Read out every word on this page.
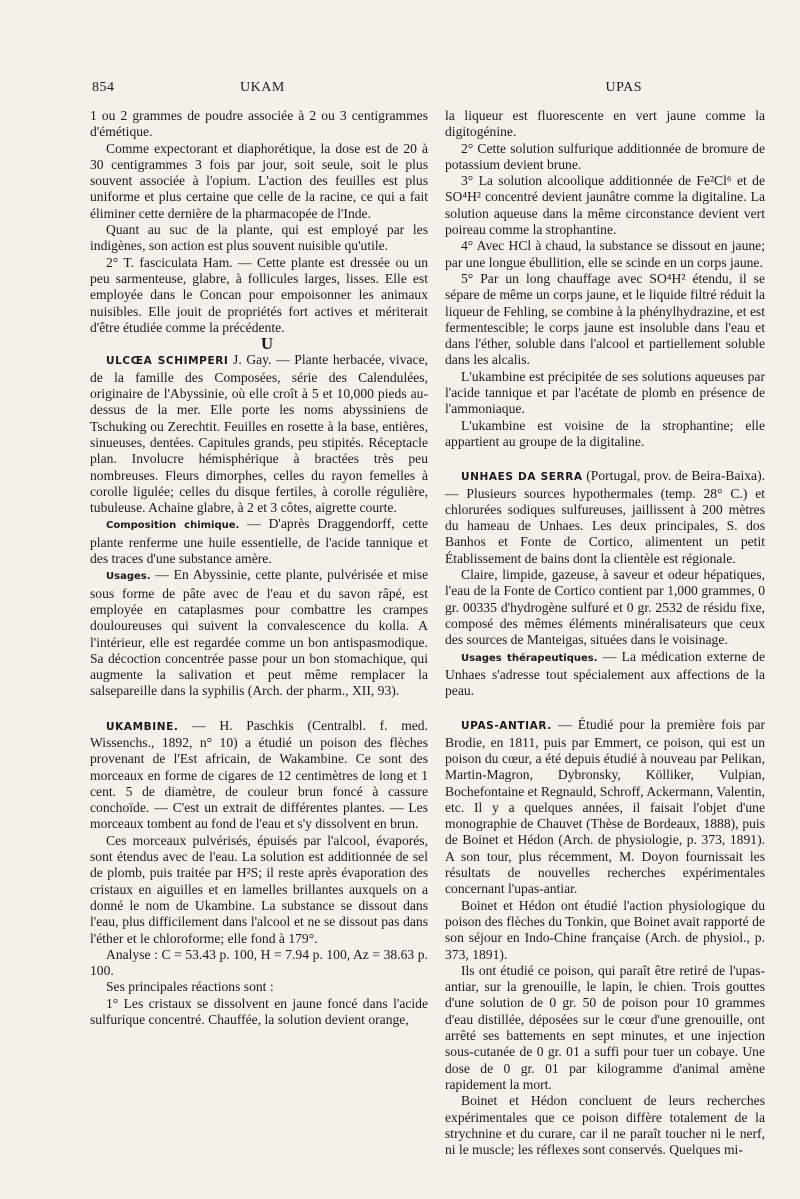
854	UKAM	UPAS

1 ou 2 grammes de poudre associée à 2 ou 3 centigrammes d'émétique.

Comme expectorant et diaphorétique, la dose est de 20 à 30 centigrammes 3 fois par jour, soit seule, soit le plus souvent associée à l'opium. L'action des feuilles est plus uniforme et plus certaine que celle de la racine, ce qui a fait éliminer cette dernière de la pharmacopée de l'Inde.

Quant au suc de la plante, qui est employé par les indigènes, son action est plus souvent nuisible qu'utile.

2° T. fasciculata Ham. — Cette plante est dressée ou un peu sarmenteuse, glabre, à follicules larges, lisses. Elle est employée dans le Concan pour empoisonner les animaux nuisibles. Elle jouit de propriétés fort actives et mériterait d'être étudiée comme la précédente.

U

ULCŒA SCHIMPERI J. Gay. — Plante herbacée, vivace, de la famille des Composées, série des Calendulées, originaire de l'Abyssinie, où elle croît à 5 et 10,000 pieds au-dessus de la mer. Elle porte les noms abyssiniens de Tschuking ou Zerechtit. Feuilles en rosette à la base, entières, sinueuses, dentées. Capitules grands, peu stipités. Réceptacle plan. Involucre hémisphérique à bractées très peu nombreuses. Fleurs dimorphes, celles du rayon femelles à corolle ligulée; celles du disque fertiles, à corolle régulière, tubuleuse. Achaine glabre, à 2 et 3 côtes, aigrette courte.

Composition chimique. — D'après Draggendorff, cette plante renferme une huile essentielle, de l'acide tannique et des traces d'une substance amère.

Usages. — En Abyssinie, cette plante, pulvérisée et mise sous forme de pâte avec de l'eau et du savon râpé, est employée en cataplasmes pour combattre les crampes douloureuses qui suivent la convalescence du kolla. A l'intérieur, elle est regardée comme un bon antispasmodique. Sa décoction concentrée passe pour un bon stomachique, qui augmente la salivation et peut même remplacer la salsepareille dans la syphilis (Arch. der pharm., XII, 93).

UKAMBINE. — H. Paschkis (Centralbl. f. med. Wissenchs., 1892, n° 10) a étudié un poison des flèches provenant de l'Est africain, de Wakambine. Ce sont des morceaux en forme de cigares de 12 centimètres de long et 1 cent. 5 de diamètre, de couleur brun foncé à cassure conchoïde. — C'est un extrait de différentes plantes. — Les morceaux tombent au fond de l'eau et s'y dissolvent en brun.

Ces morceaux pulvérisés, épuisés par l'alcool, évaporés, sont étendus avec de l'eau. La solution est additionnée de sel de plomb, puis traitée par H²S; il reste après évaporation des cristaux en aiguilles et en lamelles brillantes auxquels on a donné le nom de Ukambine. La substance se dissout dans l'eau, plus difficilement dans l'alcool et ne se dissout pas dans l'éther et le chloroforme; elle fond à 179°.

Analyse : C = 53.43 p. 100, H = 7.94 p. 100, Az = 38.63 p. 100.

Ses principales réactions sont :

1° Les cristaux se dissolvent en jaune foncé dans l'acide sulfurique concentré. Chauffée, la solution devient orange,

la liqueur est fluorescente en vert jaune comme la digitogénine.

2° Cette solution sulfurique additionnée de bromure de potassium devient brune.

3° La solution alcoolique additionnée de Fe²Cl⁶ et de SO⁴H² concentré devient jaunâtre comme la digitaline. La solution aqueuse dans la même circonstance devient vert poireau comme la strophantine.

4° Avec HCl à chaud, la substance se dissout en jaune; par une longue ébullition, elle se scinde en un corps jaune.

5° Par un long chauffage avec SO⁴H² étendu, il se sépare de même un corps jaune, et le liquide filtré réduit la liqueur de Fehling, se combine à la phénylhydrazine, et est fermentescible; le corps jaune est insoluble dans l'eau et dans l'éther, soluble dans l'alcool et partiellement soluble dans les alcalis.

L'ukambine est précipitée de ses solutions aqueuses par l'acide tannique et par l'acétate de plomb en présence de l'ammoniaque.

L'ukambine est voisine de la strophantine; elle appartient au groupe de la digitaline.

UNHAES DA SERRA (Portugal, prov. de Beira-Baixa). — Plusieurs sources hypothermales (temp. 28° C.) et chlorurées sodiques sulfureuses, jaillissent à 200 mètres du hameau de Unhaes. Les deux principales, S. dos Banhos et Fonte de Cortico, alimentent un petit Établissement de bains dont la clientèle est régionale.

Claire, limpide, gazeuse, à saveur et odeur hépatiques, l'eau de la Fonte de Cortico contient par 1,000 grammes, 0 gr. 00335 d'hydrogène sulfuré et 0 gr. 2532 de résidu fixe, composé des mêmes éléments minéralisateurs que ceux des sources de Manteigas, situées dans le voisinage.

Usages thérapeutiques. — La médication externe de Unhaes s'adresse tout spécialement aux affections de la peau.

UPAS-ANTIAR. — Étudié pour la première fois par Brodie, en 1811, puis par Emmert, ce poison, qui est un poison du cœur, a été depuis étudié à nouveau par Pelikan, Martin-Magron, Dybronsky, Kölliker, Vulpian, Bochefontaine et Regnauld, Schroff, Ackermann, Valentin, etc. Il y a quelques années, il faisait l'objet d'une monographie de Chauvet (Thèse de Bordeaux, 1888), puis de Boinet et Hédon (Arch. de physiologie, p. 373, 1891). A son tour, plus récemment, M. Doyon fournissait les résultats de nouvelles recherches expérimentales concernant l'upas-antiar.

Boinet et Hédon ont étudié l'action physiologique du poison des flèches du Tonkin, que Boinet avait rapporté de son séjour en Indo-Chine française (Arch. de physiol., p. 373, 1891).

Ils ont étudié ce poison, qui paraît être retiré de l'upas-antiar, sur la grenouille, le lapin, le chien. Trois gouttes d'une solution de 0 gr. 50 de poison pour 10 grammes d'eau distillée, déposées sur le cœur d'une grenouille, ont arrêté ses battements en sept minutes, et une injection sous-cutanée de 0 gr. 01 a suffi pour tuer un cobaye. Une dose de 0 gr. 01 par kilogramme d'animal amène rapidement la mort.

Boinet et Hédon concluent de leurs recherches expérimentales que ce poison diffère totalement de la strychnine et du curare, car il ne paraît toucher ni le nerf, ni le muscle; les réflexes sont conservés. Quelques mi-
